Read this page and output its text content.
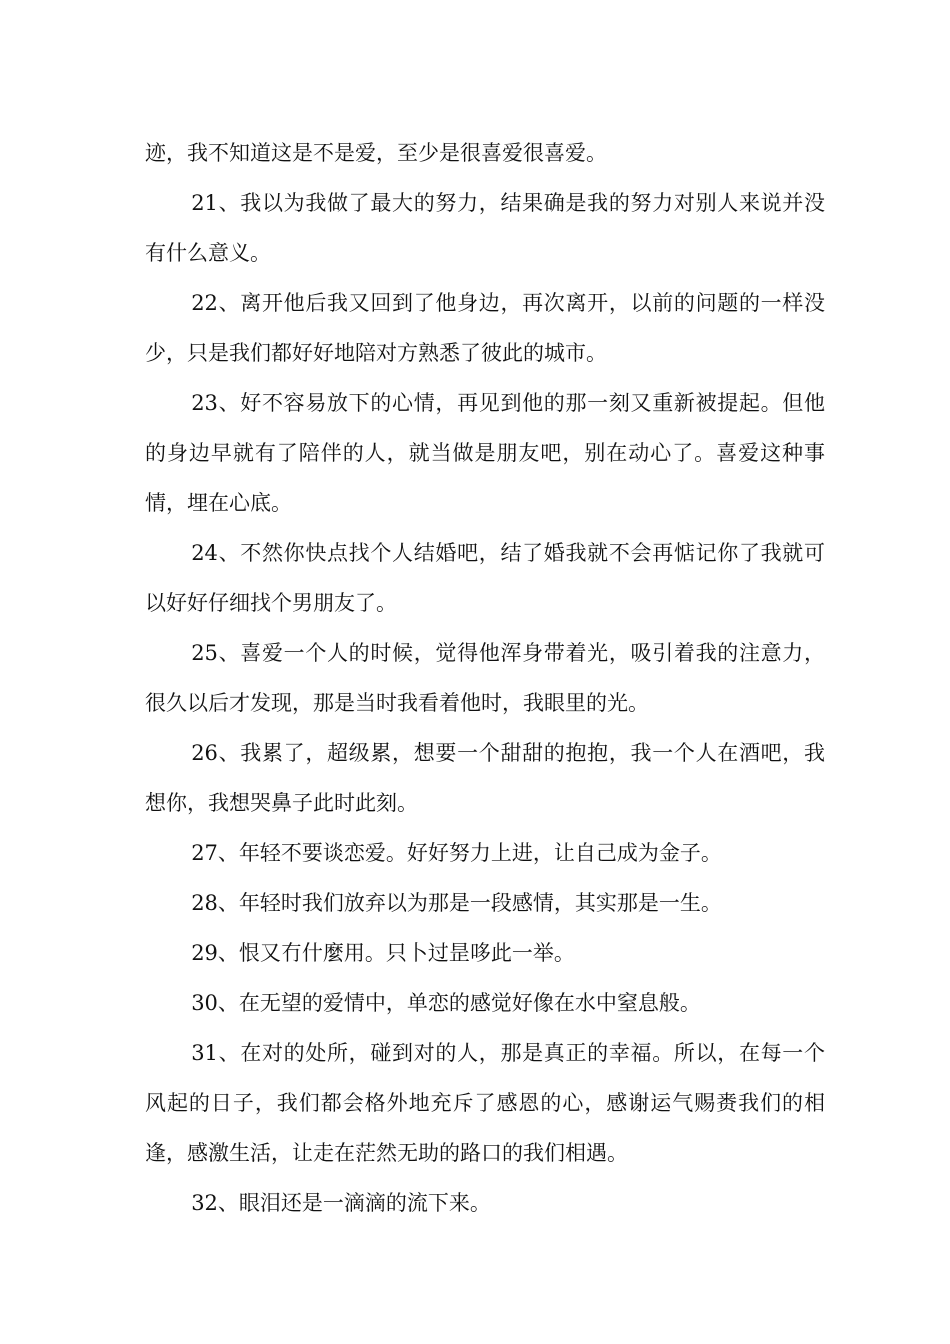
迹，我不知道这是不是爱，至少是很喜爱很喜爱。

21、我以为我做了最大的努力，结果确是我的努力对别人来说并没有什么意义。

22、离开他后我又回到了他身边，再次离开，以前的问题的一样没少，只是我们都好好地陪对方熟悉了彼此的城市。

23、好不容易放下的心情，再见到他的那一刻又重新被提起。但他的身边早就有了陪伴的人，就当做是朋友吧，别在动心了。喜爱这种事情，埋在心底。

24、不然你快点找个人结婚吧，结了婚我就不会再惦记你了我就可以好好仔细找个男朋友了。

25、喜爱一个人的时候，觉得他浑身带着光，吸引着我的注意力，很久以后才发现，那是当时我看着他时，我眼里的光。

26、我累了，超级累，想要一个甜甜的抱抱，我一个人在酒吧，我想你，我想哭鼻子此时此刻。

27、年轻不要谈恋爱。好好努力上进，让自己成为金子。

28、年轻时我们放弃以为那是一段感情，其实那是一生。

29、恨又冇什麼用。只卜过昰哆此一举。

30、在无望的爱情中，单恋的感觉好像在水中窒息般。

31、在对的处所，碰到对的人，那是真正的幸福。所以，在每一个风起的日子，我们都会格外地充斥了感恩的心，感谢运气赐赉我们的相逢，感激生活，让走在茫然无助的路口的我们相遇。

32、眼泪还是一滴滴的流下来。
